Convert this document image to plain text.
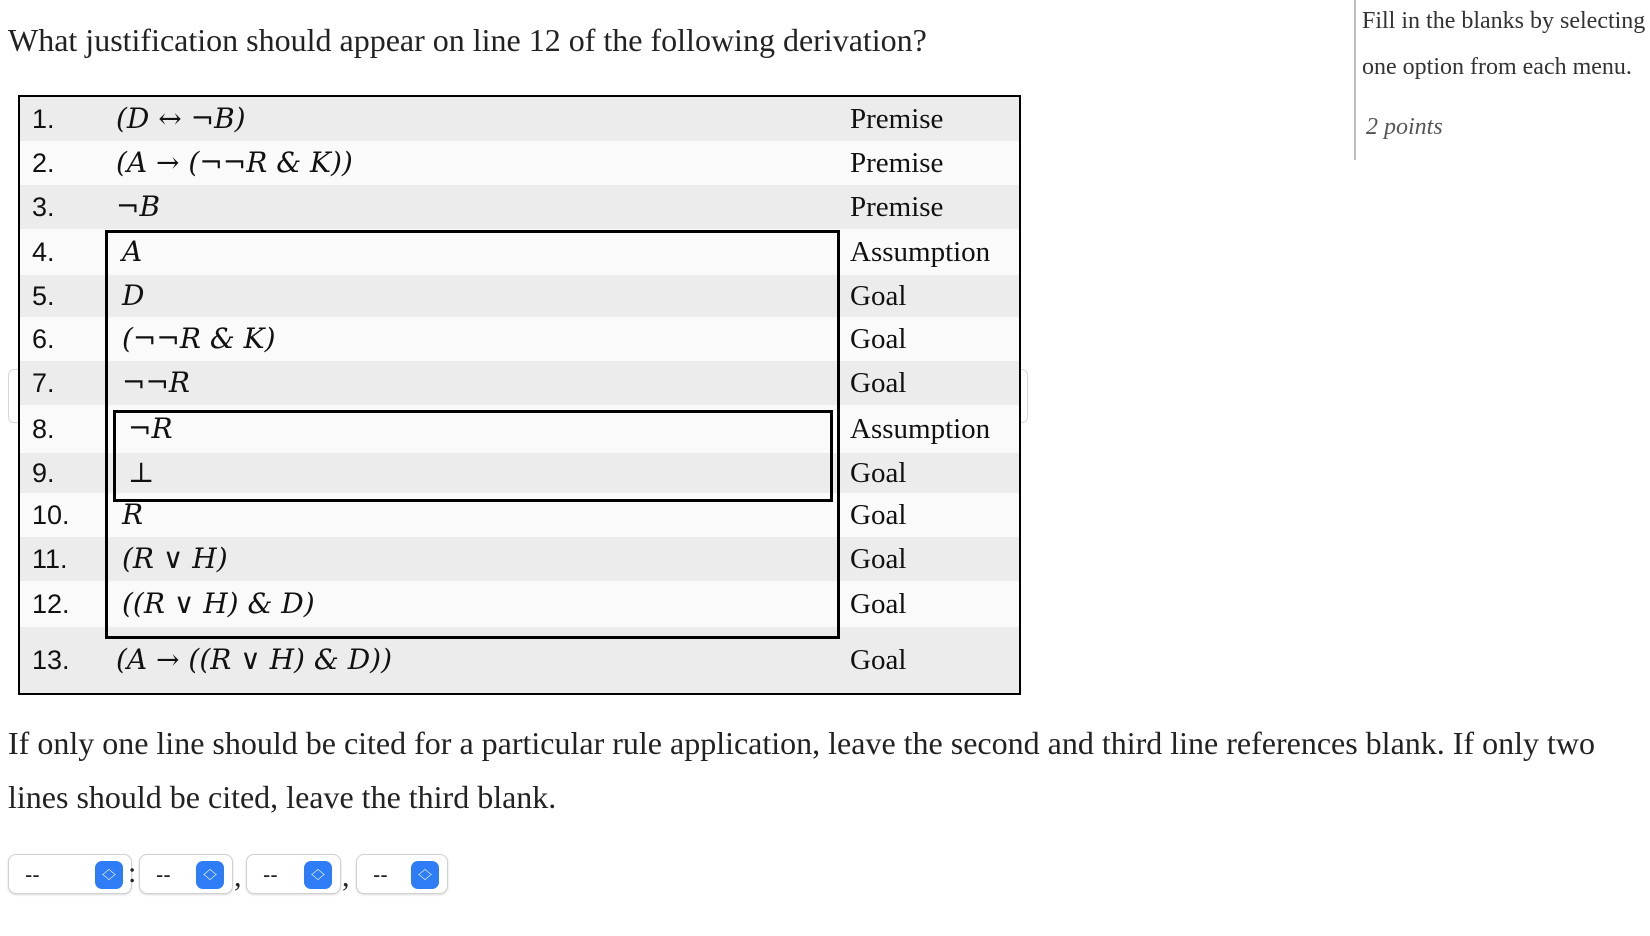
What justification should appear on line 12 of the following derivation?
Fill in the blanks by selecting
one option from each menu.
2 points
1. (D ↔ ¬B)	Premise
2. (A → (¬¬R & K))	Premise
3. ¬B	Premise
4. A	Assumption
5. D	Goal
6. (¬¬R & K)	Goal
7. ¬¬R	Goal
8.	¬R	Assumption
9.	⊥	Goal
10. R	Goal
11. (R ∨ H)	Goal
12. ((R ∨ H) & D)	Goal
13. (A → ((R ∨ H) & D))	Goal

If only one line should be cited for a particular rule application, leave the second and third line references blank. If only two lines should be cited, leave the third blank.

--	︿
﹀ : -- ︿
﹀ , -- ︿
﹀ , -- ︿
﹀
